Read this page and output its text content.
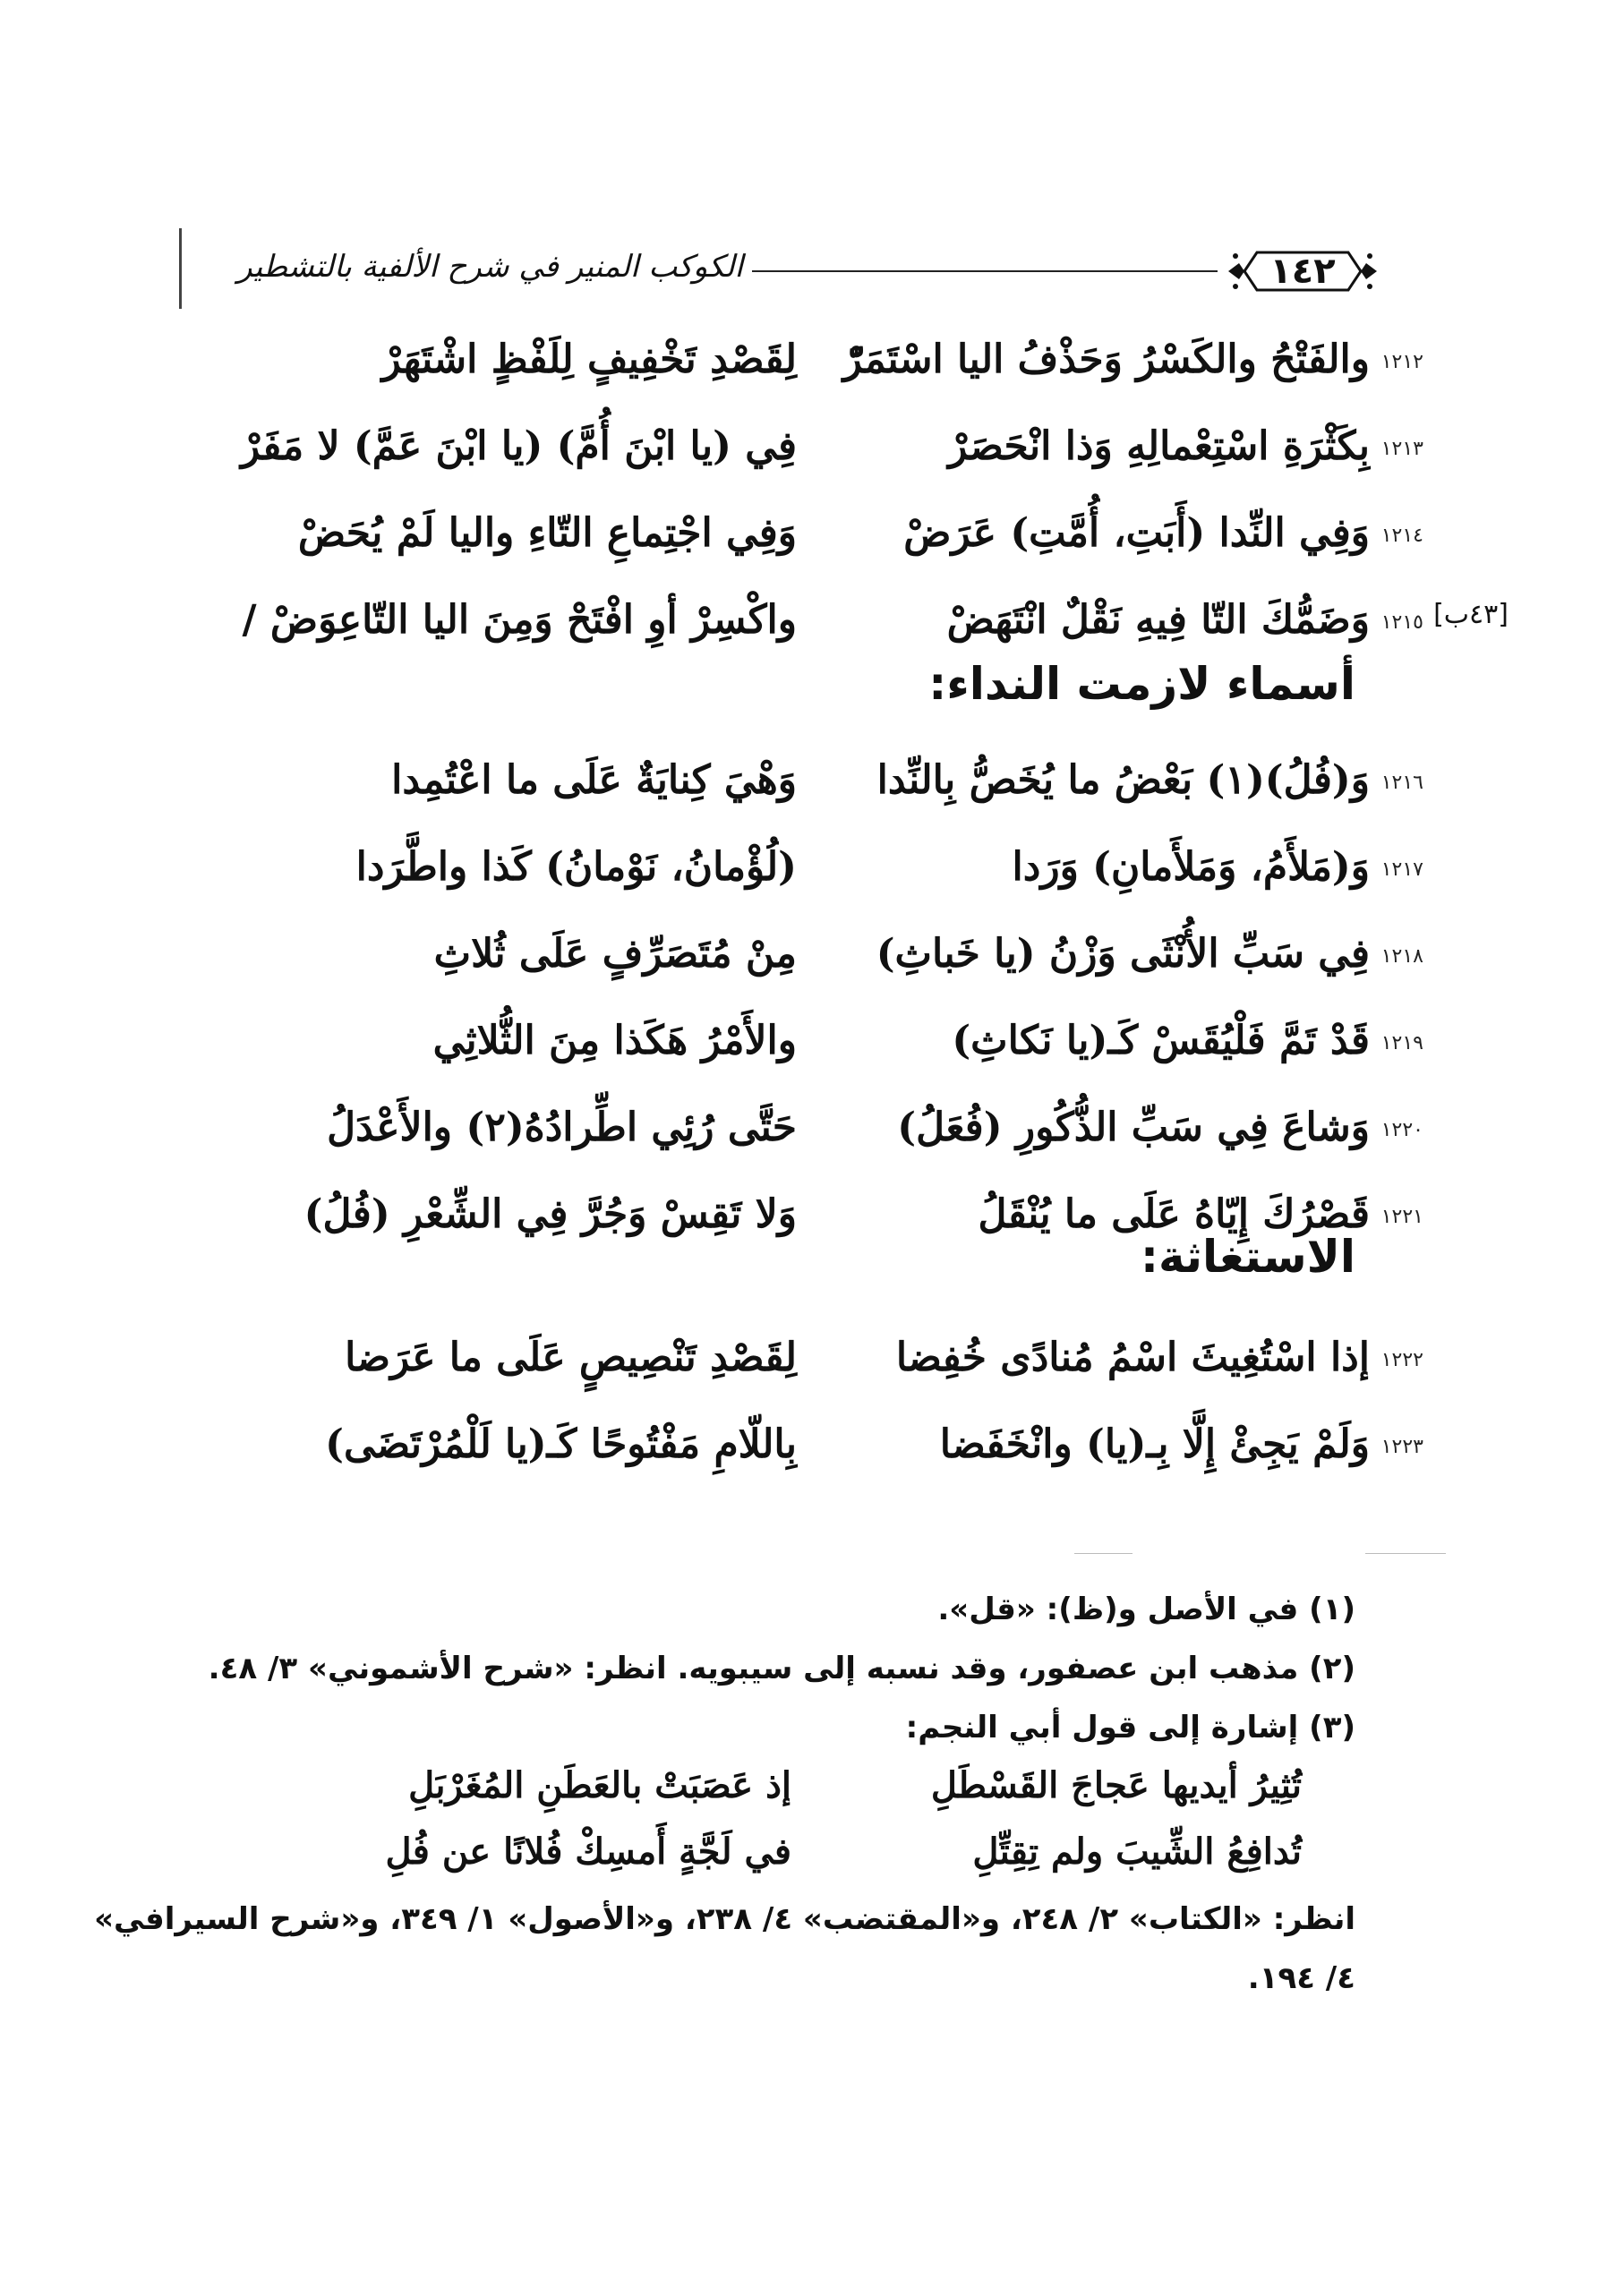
١٤٢
الكوكب المنير في شرح الألفية بالتشطير
١٢١٢
والفَتْحُ والكَسْرُ وَحَذْفُ اليا اسْتَمَرّْ
لِقَصْدِ تَخْفِيفٍ لِلَفْظٍ اشْتَهَرْ
١٢١٣
بِكَثْرَةِ اسْتِعْمالِهِ وَذا انْحَصَرْ
فِي (يا ابْنَ أُمَّ) (يا ابْنَ عَمَّ) لا مَفَرْ
١٢١٤
وَفِي النِّدا (أَبَتِ، أُمَّتِ) عَرَضْ
وَفِي اجْتِماعِ التّاءِ واليا لَمْ يُحَضْ
[٤٣ب]
١٢١٥
وَضَمُّكَ التّا فِيهِ نَقْلٌ انْتَهَضْ
واكْسِرْ أوِ افْتَحْ وَمِنَ اليا التّاعِوَضْ /
أسماء لازمت النداء:
١٢١٦
وَ(فُلُ)(١) بَعْضُ ما يُخَصُّ بِالنِّدا
وَهْيَ كِنايَةٌ عَلَى ما اعْتُمِدا
١٢١٧
وَ(مَلأَمُ، وَمَلأَمانِ) وَرَدا
(لُؤْمانُ، نَوْمانُ) كَذا واطَّرَدا
١٢١٨
فِي سَبِّ الأُنْثَى وَزْنُ (يا خَباثِ)
مِنْ مُتَصَرِّفٍ عَلَى ثُلاثِ
١٢١٩
قَدْ تَمَّ فَلْيُقَسْ كَـ(يا نَكاثِ)
والأَمْرُ هَكَذا مِنَ الثُّلاثِي
١٢٢٠
وَشاعَ فِي سَبِّ الذُّكُورِ (فُعَلُ)
حَتَّى رُئِي اطِّرادُهُ(٢) والأَعْدَلُ
١٢٢١
قَصْرُكَ إِيّاهُ عَلَى ما يُنْقَلُ
وَلا تَقِسْ وَجُرَّ فِي الشِّعْرِ (فُلُ)
الاستغاثة:
١٢٢٢
إذا اسْتُغِيثَ اسْمُ مُنادًى خُفِضا
لِقَصْدِ تَنْصِيصٍ عَلَى ما عَرَضا
١٢٢٣
وَلَمْ يَجِئْ إِلَّا بِـ(يا) وانْخَفَضا
بِاللّامِ مَفْتُوحًا كَـ(يا لَلْمُرْتَضَى)
(١) في الأصل و(ظ): «قل».
(٢) مذهب ابن عصفور، وقد نسبه إلى سيبويه. انظر: «شرح الأشموني» ٣/ ٤٨.
(٣) إشارة إلى قول أبي النجم:
تُثِيرُ أيديها عَجاجَ القَسْطَلِ
إذ عَصَبَتْ بالعَطَنِ المُغَرْبَلِ
تُدافِعُ الشِّيبَ ولم تِقِتِّلِ
في لَجَّةٍ أَمسِكْ فُلانًا عن فُلِ
انظر: «الكتاب» ٢/ ٢٤٨، و«المقتضب» ٤/ ٢٣٨، و«الأصول» ١/ ٣٤٩، و«شرح السيرافي»
٤/ ١٩٤.
